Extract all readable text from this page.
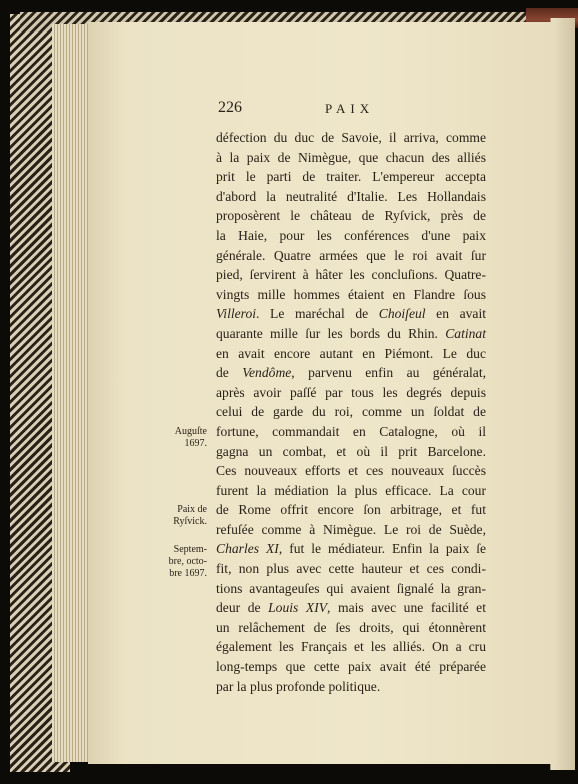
226	PAIX
défection du duc de Savoie, il arriva, comme
à la paix de Nimègue, que chacun des alliés
prit le parti de traiter. L'empereur accepta
d'abord la neutralité d'Italie. Les Hollandais
proposèrent le château de Ryſvick, près de
la Haie, pour les conférences d'une paix
générale. Quatre armées que le roi avait ſur
pied, ſervirent à hâter les concluſions. Quatre-
vingts mille hommes étaient en Flandre ſous
Villeroi. Le maréchal de Choiſeul en avait
quarante mille ſur les bords du Rhin. Catinat
en avait encore autant en Piémont. Le duc
de Vendôme, parvenu enfin au généralat,
après avoir paſſé par tous les degrés depuis
celui de garde du roi, comme un ſoldat de
fortune, commandait en Catalogne, où il
gagna un combat, et où il prit Barcelone.
Ces nouveaux efforts et ces nouveaux ſuccès
furent la médiation la plus efficace. La cour
de Rome offrit encore ſon arbitrage, et fut
refuſée comme à Nimègue. Le roi de Suède,
Charles XI, fut le médiateur. Enfin la paix ſe
fit, non plus avec cette hauteur et ces condi-
tions avantageuſes qui avaient ſignalé la gran-
deur de Louis XIV, mais avec une facilité et
un relâchement de ſes droits, qui étonnèrent
également les Français et les alliés. On a cru
long-temps que cette paix avait été préparée
par la plus profonde politique.
Auguſte
1697.
Paix de
Ryſvick.
Septem-
bre, octo-
bre 1697.
